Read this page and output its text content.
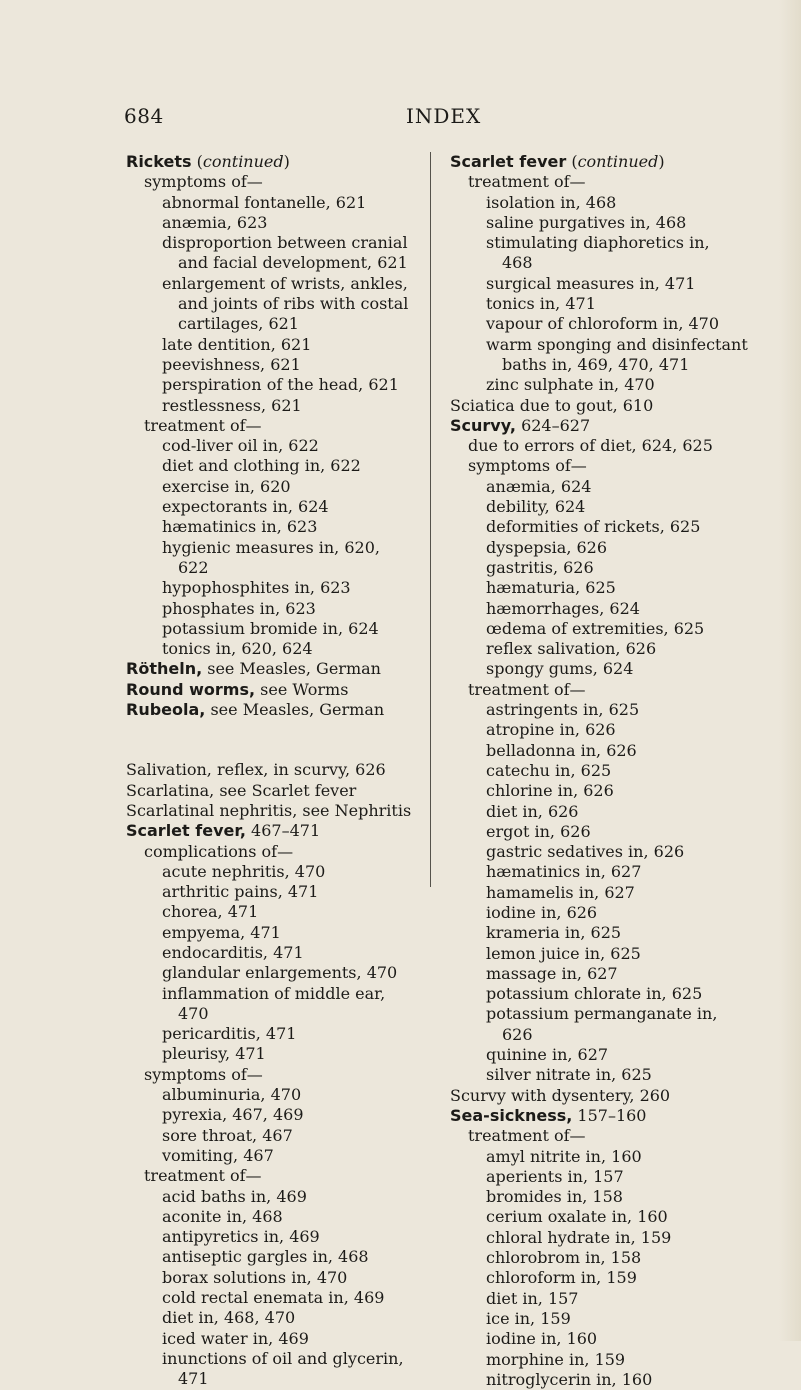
684	INDEX
Rickets (continued)
symptoms of—
abnormal fontanelle, 621
anæmia, 623
disproportion between cranial
and facial development, 621
enlargement of wrists, ankles,
and joints of ribs with costal
cartilages, 621
late dentition, 621
peevishness, 621
perspiration of the head, 621
restlessness, 621
treatment of—
cod-liver oil in, 622
diet and clothing in, 622
exercise in, 620
expectorants in, 624
hæmatinics in, 623
hygienic measures in, 620,
622
hypophosphites in, 623
phosphates in, 623
potassium bromide in, 624
tonics in, 620, 624
Rötheln, see Measles, German
Round worms, see Worms
Rubeola, see Measles, German
Salivation, reflex, in scurvy, 626
Scarlatina, see Scarlet fever
Scarlatinal nephritis, see Nephritis
Scarlet fever, 467–471
complications of—
acute nephritis, 470
arthritic pains, 471
chorea, 471
empyema, 471
endocarditis, 471
glandular enlargements, 470
inflammation of middle ear,
470
pericarditis, 471
pleurisy, 471
symptoms of—
albuminuria, 470
pyrexia, 467, 469
sore throat, 467
vomiting, 467
treatment of—
acid baths in, 469
aconite in, 468
antipyretics in, 469
antiseptic gargles in, 468
borax solutions in, 470
cold rectal enemata in, 469
diet in, 468, 470
iced water in, 469
inunctions of oil and glycerin,
471
Scarlet fever (continued)
treatment of—
isolation in, 468
saline purgatives in, 468
stimulating diaphoretics in,
468
surgical measures in, 471
tonics in, 471
vapour of chloroform in, 470
warm sponging and disinfectant
baths in, 469, 470, 471
zinc sulphate in, 470
Sciatica due to gout, 610
Scurvy, 624–627
due to errors of diet, 624, 625
symptoms of—
anæmia, 624
debility, 624
deformities of rickets, 625
dyspepsia, 626
gastritis, 626
hæmaturia, 625
hæmorrhages, 624
œdema of extremities, 625
reflex salivation, 626
spongy gums, 624
treatment of—
astringents in, 625
atropine in, 626
belladonna in, 626
catechu in, 625
chlorine in, 626
diet in, 626
ergot in, 626
gastric sedatives in, 626
hæmatinics in, 627
hamamelis in, 627
iodine in, 626
krameria in, 625
lemon juice in, 625
massage in, 627
potassium chlorate in, 625
potassium permanganate in,
626
quinine in, 627
silver nitrate in, 625
Scurvy with dysentery, 260
Sea-sickness, 157–160
treatment of—
amyl nitrite in, 160
aperients in, 157
bromides in, 158
cerium oxalate in, 160
chloral hydrate in, 159
chlorobrom in, 158
chloroform in, 159
diet in, 157
ice in, 159
iodine in, 160
morphine in, 159
nitroglycerin in, 160
